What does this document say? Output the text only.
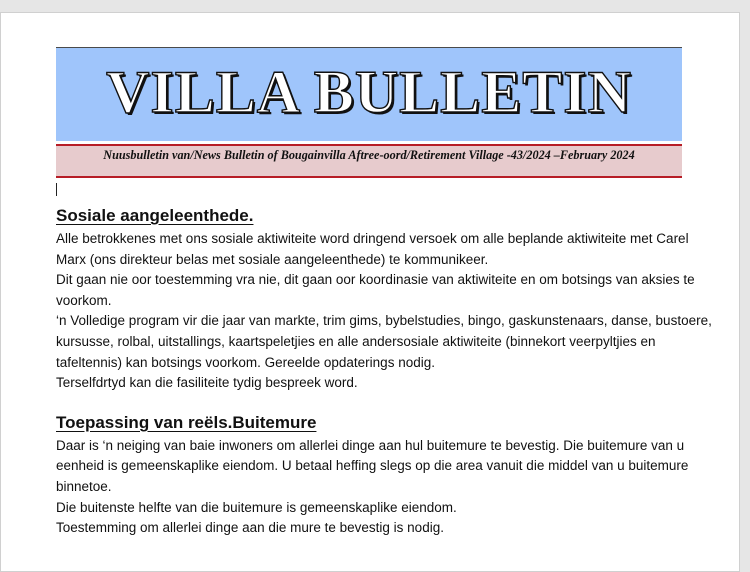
VILLA BULLETIN
Nuusbulletin van/News Bulletin of Bougainvilla Aftree-oord/Retirement Village -43/2024 –February 2024
Sosiale aangeleenthede.

Alle betrokkenes met ons sosiale aktiwiteite word dringend versoek om alle beplande aktiwiteite met Carel Marx (ons direkteur belas met sosiale aangeleenthede) te kommunikeer.

Dit gaan nie oor toestemming vra nie, dit gaan oor koordinasie van aktiwiteite en om botsings van aksies te voorkom.

‘n Volledige program vir die jaar van markte, trim gims, bybelstudies, bingo, gaskunstenaars, danse, bustoere, kursusse, rolbal, uitstallings, kaartspeletjies en alle andersosiale aktiwiteite (binnekort veerpyltjies en tafeltennis) kan botsings voorkom. Gereelde opdaterings nodig.

Terselfdrtyd kan die fasiliteite tydig bespreek word.

Toepassing van reëls.Buitemure

Daar is ‘n neiging van baie inwoners om allerlei dinge aan hul buitemure te bevestig. Die buitemure van u eenheid is gemeenskaplike eiendom. U betaal heffing slegs op die area vanuit die middel van u buitemure binnetoe.

Die buitenste helfte van die buitemure is gemeenskaplike eiendom.

Toestemming om allerlei dinge aan die mure te bevestig is nodig.
